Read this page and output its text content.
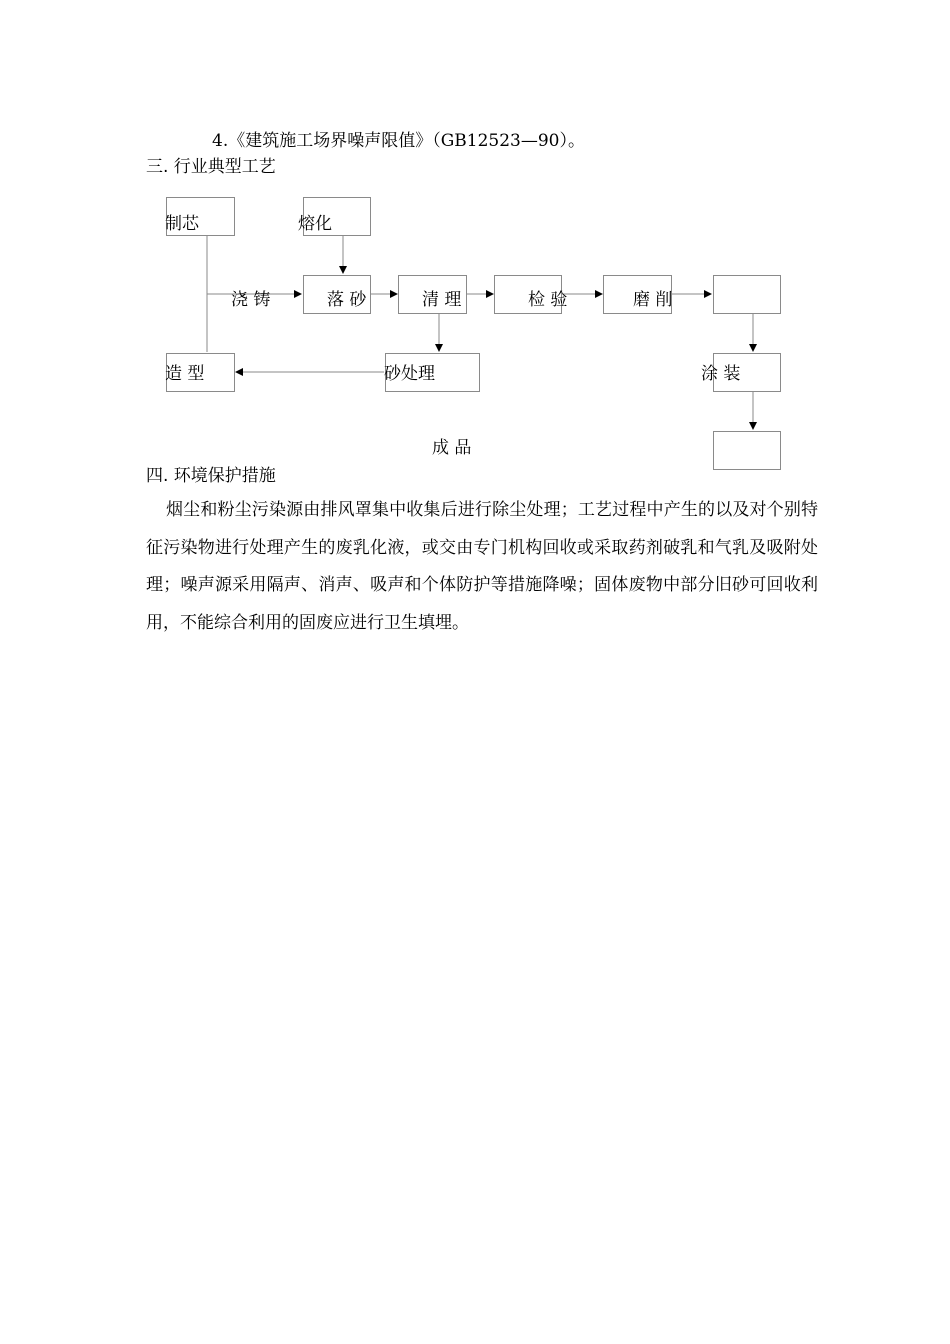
4.《建筑施工场界噪声限值》（GB12523—90）。
三. 行业典型工艺
制芯	熔化
浇 铸	落 砂	清 理	检 验	磨 削
造 型	砂处理	涂 装
成 品
四. 环境保护措施

烟尘和粉尘污染源由排风罩集中收集后进行除尘处理；工艺过程中产生的以及对个别特征污染物进行处理产生的废乳化液，或交由专门机构回收或采取药剂破乳和气乳及吸附处理；噪声源采用隔声、消声、吸声和个体防护等措施降噪；固体废物中部分旧砂可回收利用，不能综合利用的固废应进行卫生填埋。
